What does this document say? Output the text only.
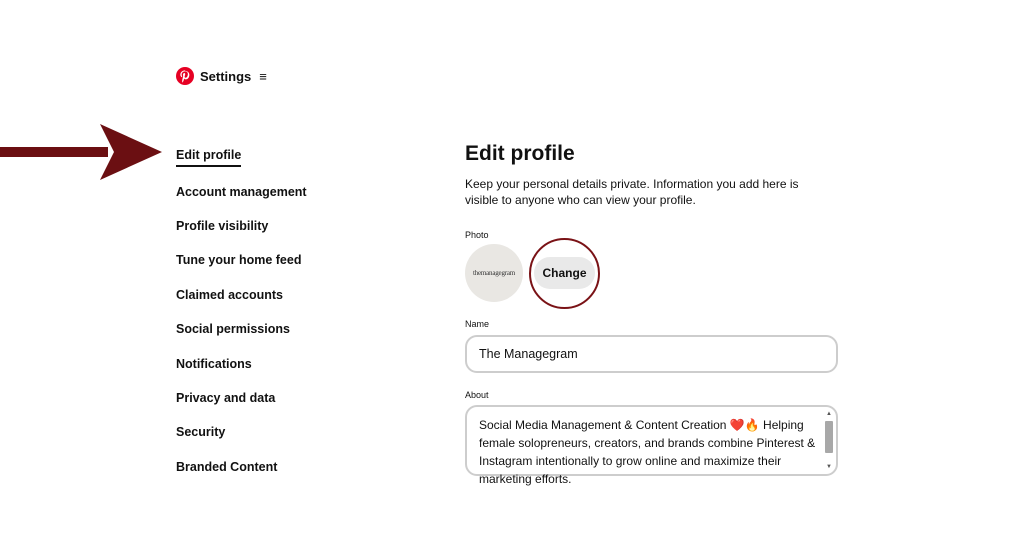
Settings ≡
Edit profile
Account management
Profile visibility
Tune your home feed
Claimed accounts
Social permissions
Notifications
Privacy and data
Security
Branded Content
Edit profile

Keep your personal details private. Information you add here is visible to anyone who can view your profile.

Photo
themanagegram	Change
Name
The Managegram
About
Social Media Management & Content Creation ❤️🔥 Helping female solopreneurs, creators, and brands combine Pinterest & Instagram intentionally to grow online and maximize their marketing efforts.
▲
▼
